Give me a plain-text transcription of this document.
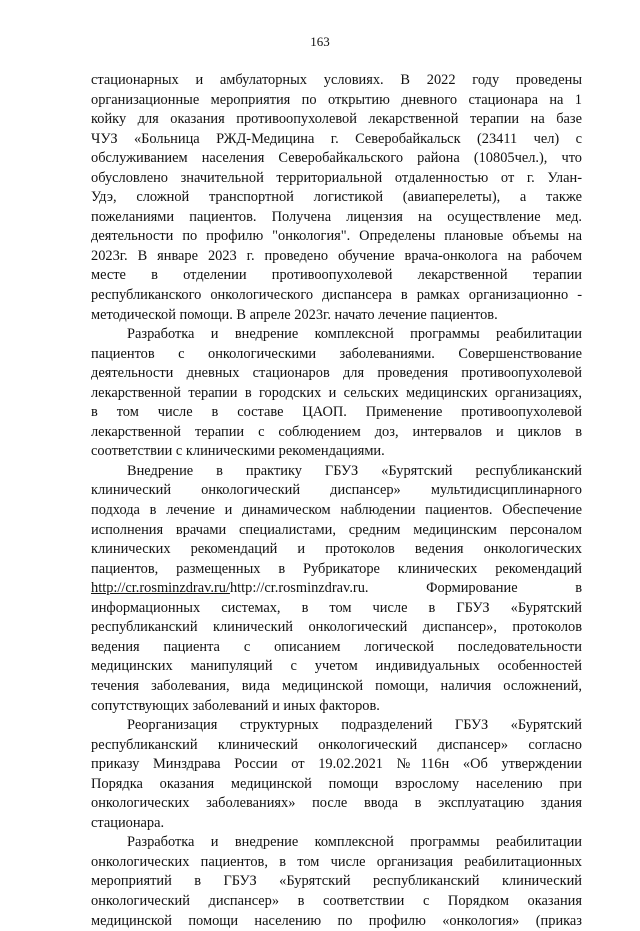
163
стационарных и амбулаторных условиях. В 2022 году проведены
организационные мероприятия по открытию дневного стационара на 1
койку для оказания противоопухолевой лекарственной терапии на базе
ЧУЗ «Больница РЖД-Медицина г. Северобайкальск (23411 чел) с
обслуживанием населения Северобайкальского района (10805чел.), что
обусловлено значительной территориальной отдаленностью от г. Улан-
Удэ, сложной транспортной логистикой (авиаперелеты), а также
пожеланиями пациентов. Получена лицензия на осуществление мед.
деятельности по профилю "онкология". Определены плановые объемы на
2023г. В январе 2023 г. проведено обучение врача-онколога на рабочем
месте в отделении противоопухолевой лекарственной терапии
республиканского онкологического диспансера в рамках организационно -
методической помощи. В апреле 2023г. начато лечение пациентов.
Разработка и внедрение комплексной программы реабилитации
пациентов с онкологическими заболеваниями. Совершенствование
деятельности дневных стационаров для проведения противоопухолевой
лекарственной терапии в городских и сельских медицинских организациях,
в том числе в составе ЦАОП. Применение противоопухолевой
лекарственной терапии с соблюдением доз, интервалов и циклов в
соответствии с клиническими рекомендациями.
Внедрение в практику ГБУЗ «Бурятский республиканский
клинический онкологический диспансер» мультидисциплинарного
подхода в лечение и динамическом наблюдении пациентов. Обеспечение
исполнения врачами специалистами, средним медицинским персоналом
клинических рекомендаций и протоколов ведения онкологических
пациентов, размещенных в Рубрикаторе клинических рекомендаций
http://cr.rosminzdrav.ru/http://cr.rosminzdrav.ru.	Формирование	в
информационных системах, в том числе в ГБУЗ «Бурятский
республиканский клинический онкологический диспансер», протоколов
ведения пациента с описанием логической последовательности
медицинских манипуляций с учетом индивидуальных особенностей
течения заболевания, вида медицинской помощи, наличия осложнений,
сопутствующих заболеваний и иных факторов.
Реорганизация структурных подразделений ГБУЗ «Бурятский
республиканский клинический онкологический диспансер» согласно
приказу Минздрава России от 19.02.2021 №116н «Об утверждении
Порядка оказания медицинской помощи взрослому населению при
онкологических заболеваниях» после ввода в эксплуатацию здания
стационара.
Разработка и внедрение комплексной программы реабилитации
онкологических пациентов, в том числе организация реабилитационных
мероприятий в ГБУЗ «Бурятский республиканский клинический
онкологический диспансер» в соответствии с Порядком оказания
медицинской помощи населению по профилю «онкология» (приказ
